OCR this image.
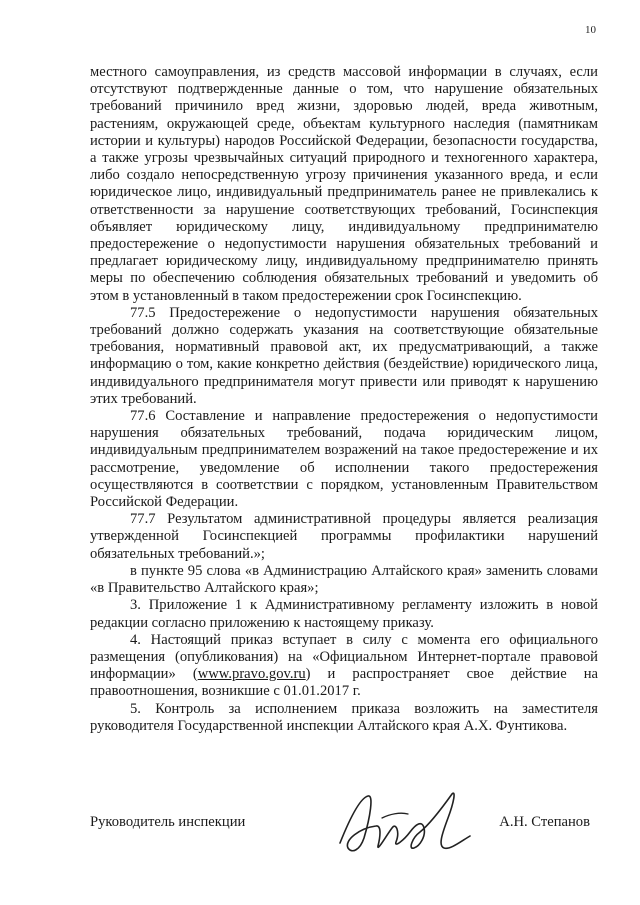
10

местного самоуправления, из средств массовой информации в случаях, если отсутствуют подтвержденные данные о том, что нарушение обязательных требований причинило вред жизни, здоровью людей, вреда животным, растениям, окружающей среде, объектам культурного наследия (памятникам истории и культуры) народов Российской Федерации, безопасности государства, а также угрозы чрезвычайных ситуаций природного и техногенного характера, либо создало непосредственную угрозу причинения указанного вреда, и если юридическое лицо, индивидуальный предприниматель ранее не привлекались к ответственности за нарушение соответствующих требований, Госинспекция объявляет юридическому лицу, индивидуальному предпринимателю предостережение о недопустимости нарушения обязательных требований и предлагает юридическому лицу, индивидуальному предпринимателю принять меры по обеспечению соблюдения обязательных требований и уведомить об этом в установленный в таком предостережении срок Госинспекцию.

77.5 Предостережение о недопустимости нарушения обязательных требований должно содержать указания на соответствующие обязательные требования, нормативный правовой акт, их предусматривающий, а также информацию о том, какие конкретно действия (бездействие) юридического лица, индивидуального предпринимателя могут привести или приводят к нарушению этих требований.

77.6 Составление и направление предостережения о недопустимости нарушения обязательных требований, подача юридическим лицом, индивидуальным предпринимателем возражений на такое предостережение и их рассмотрение, уведомление об исполнении такого предостережения осуществляются в соответствии с порядком, установленным Правительством Российской Федерации.

77.7 Результатом административной процедуры является реализация утвержденной Госинспекцией программы профилактики нарушений обязательных требований.»;

в пункте 95 слова «в Администрацию Алтайского края» заменить словами «в Правительство Алтайского края»;

3. Приложение 1 к Административному регламенту изложить в новой редакции согласно приложению к настоящему приказу.

4. Настоящий приказ вступает в силу с момента его официального размещения (опубликования) на «Официальном Интернет-портале правовой информации» (www.pravo.gov.ru) и распространяет свое действие на правоотношения, возникшие с 01.01.2017 г.

5. Контроль за исполнением приказа возложить на заместителя руководителя Государственной инспекции Алтайского края А.Х. Фунтикова.

Руководитель инспекции	А.Н. Степанов
